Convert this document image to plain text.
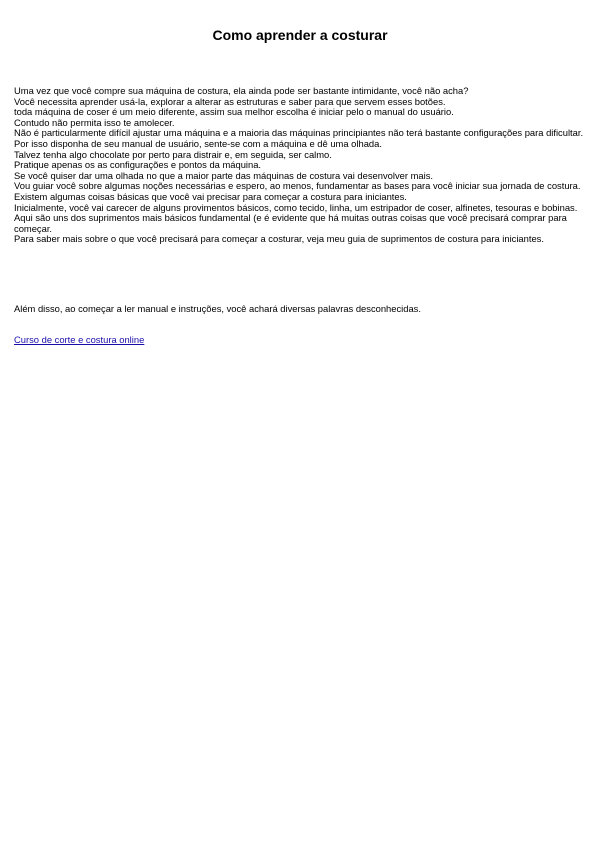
Como aprender a costurar
Uma vez que você compre sua máquina de costura, ela ainda pode ser bastante intimidante, você não acha?
Você necessita aprender usá-la, explorar a alterar as estruturas e saber para que servem esses botões.
toda máquina de coser é um meio diferente, assim sua melhor escolha é iniciar pelo o manual do usuário.
Contudo não permita isso te amolecer.
Não é particularmente difícil ajustar uma máquina e a maioria das máquinas principiantes não terá bastante configurações para dificultar.
Por isso disponha de seu manual de usuário, sente-se com a máquina e dê uma olhada.
Talvez tenha algo chocolate por perto para distrair e, em seguida, ser calmo.
Pratique apenas os as configurações e pontos da máquina.
Se você quiser dar uma olhada no que a maior parte das máquinas de costura vai desenvolver mais.
Vou guiar você sobre algumas noções necessárias e espero, ao menos, fundamentar as bases para você iniciar sua jornada de costura.
Existem algumas coisas básicas que você vai precisar para começar a costura para iniciantes.
Inicialmente, você vai carecer de alguns provimentos básicos, como tecido, linha, um estripador de coser, alfinetes, tesouras e bobinas.
Aqui são uns dos suprimentos mais básicos fundamental (e é evidente que há muitas outras coisas que você precisará comprar para começar.
Para saber mais sobre o que você precisará para começar a costurar, veja meu guia de suprimentos de costura para iniciantes.
Além disso, ao começar a ler manual e instruções, você achará diversas palavras desconhecidas.
Curso de corte e costura online
